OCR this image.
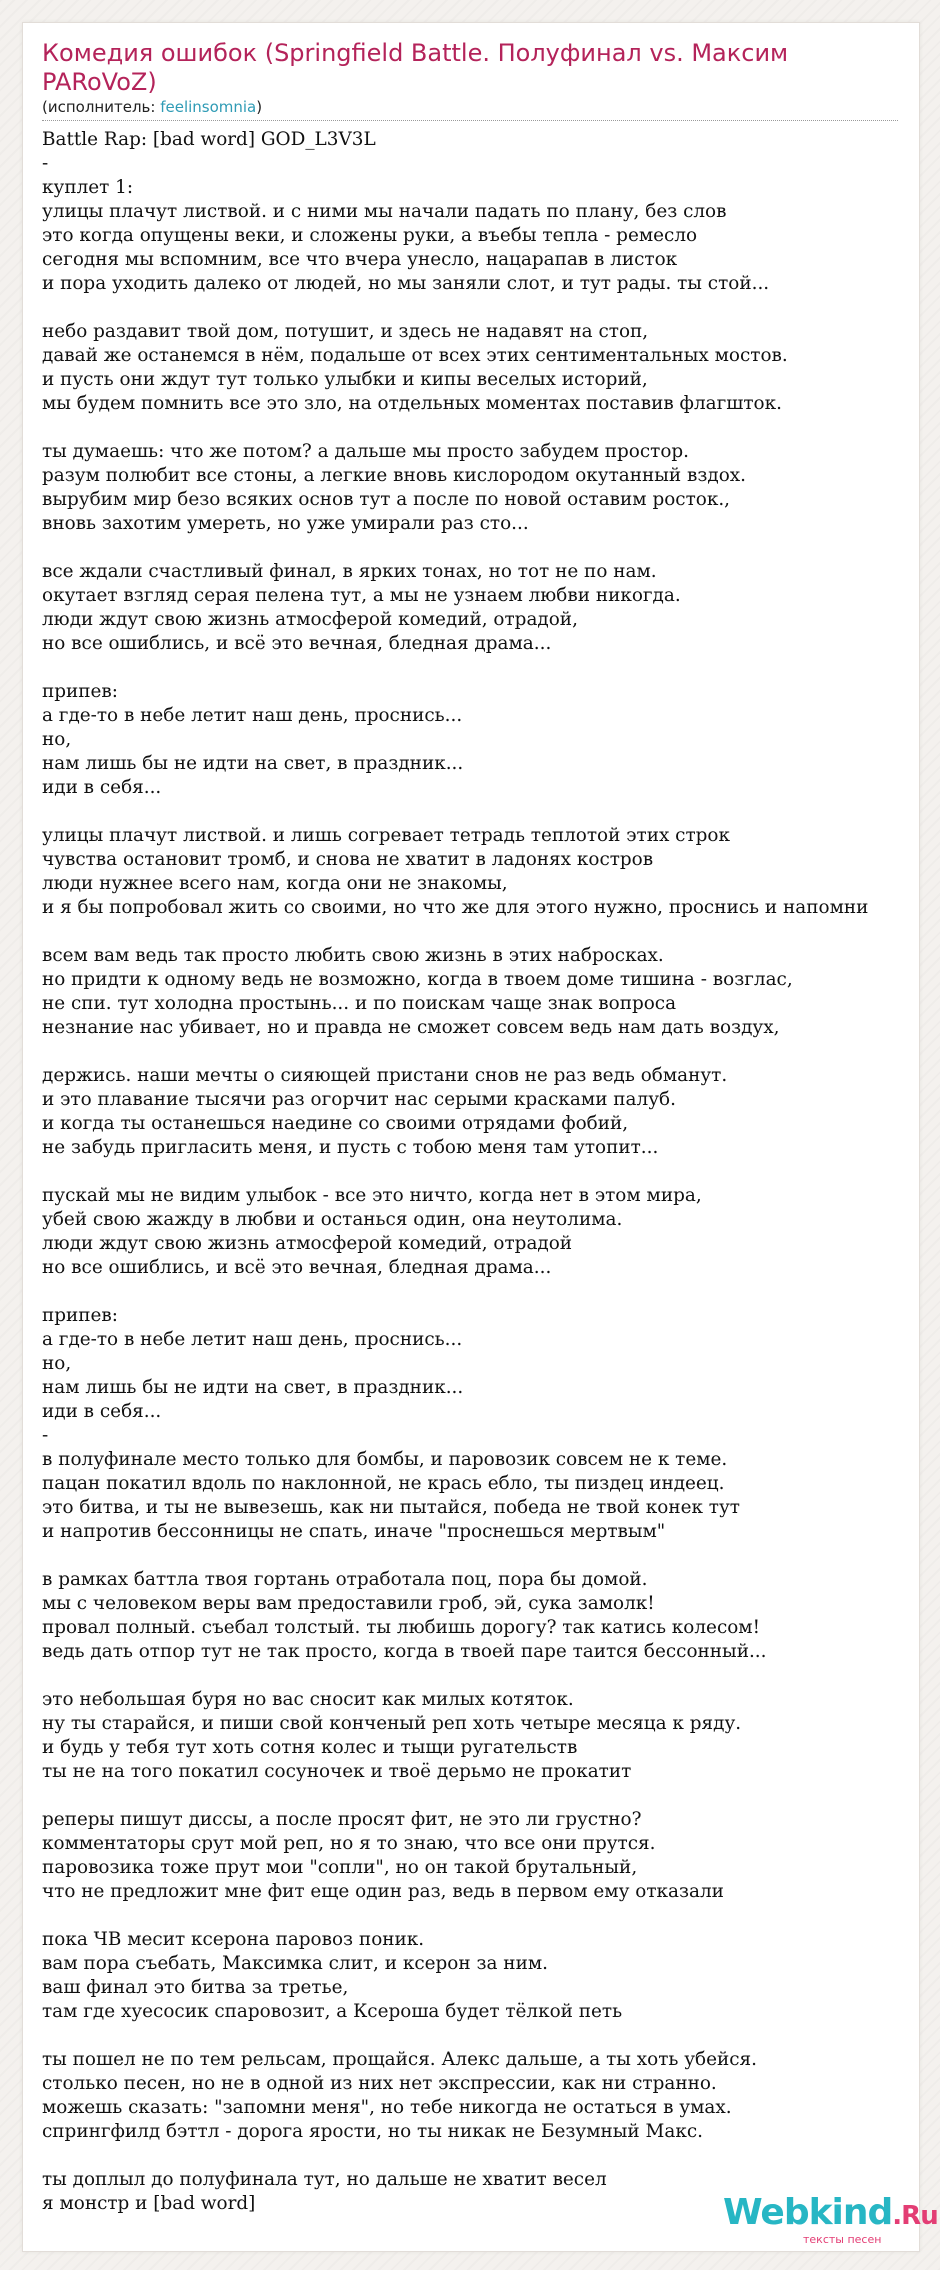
Комедия ошибок (Springfield Battle. Полуфинал vs. Максим PARoVoZ)
(исполнитель: feelinsomnia)
Battle Rap: [bad word] GOD_L3V3L
-
куплет 1:
улицы плачут листвой. и с ними мы начали падать по плану, без слов
это когда опущены веки, и сложены руки, а въебы тепла - ремесло
сегодня мы вспомним, все что вчера унесло, нацарапав в листок
и пора уходить далеко от людей, но мы заняли слот, и тут рады. ты стой...

небо раздавит твой дом, потушит, и здесь не надавят на стоп,
давай же останемся в нём, подальше от всех этих сентиментальных мостов.
и пусть они ждут тут только улыбки и кипы веселых историй,
мы будем помнить все это зло, на отдельных моментах поставив флагшток.

ты думаешь: что же потом? а дальше мы просто забудем простор.
разум полюбит все стоны, а легкие вновь кислородом окутанный вздох.
вырубим мир безо всяких основ тут а после по новой оставим росток.,
вновь захотим умереть, но уже умирали раз сто...

все ждали счастливый финал, в ярких тонах, но тот не по нам.
окутает взгляд серая пелена тут, а мы не узнаем любви никогда.
люди ждут свою жизнь атмосферой комедий, отрадой,
но все ошиблись, и всё это вечная, бледная драма...

припев:
а где-то в небе летит наш день, проснись...
но,
нам лишь бы не идти на свет, в праздник...
иди в себя...

улицы плачут листвой. и лишь согревает тетрадь теплотой этих строк
чувства остановит тромб, и снова не хватит в ладонях костров
люди нужнее всего нам, когда они не знакомы,
и я бы попробовал жить со своими, но что же для этого нужно, проснись и напомни

всем вам ведь так просто любить свою жизнь в этих набросках.
но придти к одному ведь не возможно, когда в твоем доме тишина - возглас,
не спи. тут холодна простынь... и по поискам чаще знак вопроса
незнание нас убивает, но и правда не сможет совсем ведь нам дать воздух,

держись. наши мечты о сияющей пристани снов не раз ведь обманут.
и это плавание тысячи раз огорчит нас серыми красками палуб.
и когда ты останешься наедине со своими отрядами фобий,
не забудь пригласить меня, и пусть с тобою меня там утопит...

пускай мы не видим улыбок - все это ничто, когда нет в этом мира,
убей свою жажду в любви и останься один, она неутолима.
люди ждут свою жизнь атмосферой комедий, отрадой
но все ошиблись, и всё это вечная, бледная драма...

припев:
а где-то в небе летит наш день, проснись...
но,
нам лишь бы не идти на свет, в праздник...
иди в себя...
-
в полуфинале место только для бомбы, и паровозик совсем не к теме.
пацан покатил вдоль по наклонной, не крась ебло, ты пиздец индеец.
это битва, и ты не вывезешь, как ни пытайся, победа не твой конек тут
и напротив бессонницы не спать, иначе "проснешься мертвым"

в рамках баттла твоя гортань отработала поц, пора бы домой.
мы с человеком веры вам предоставили гроб, эй, сука замолк!
провал полный. съебал толстый. ты любишь дорогу? так катись колесом!
ведь дать отпор тут не так просто, когда в твоей паре таится бессонный...

это небольшая буря но вас сносит как милых котяток.
ну ты старайся, и пиши свой конченый реп хоть четыре месяца к ряду.
и будь у тебя тут хоть сотня колес и тыщи ругательств
ты не на того покатил сосуночек и твоё дерьмо не прокатит

реперы пишут диссы, а после просят фит, не это ли грустно?
комментаторы срут мой реп, но я то знаю, что все они прутся.
паровозика тоже прут мои "сопли", но он такой брутальный,
что не предложит мне фит еще один раз, ведь в первом ему отказали

пока ЧВ месит ксерона паровоз поник.
вам пора съебать, Максимка слит, и ксерон за ним.
ваш финал это битва за третье,
там где хуесосик спаровозит, а Ксероша будет тёлкой петь

ты пошел не по тем рельсам, прощайся. Алекс дальше, а ты хоть убейся.
столько песен, но не в одной из них нет экспрессии, как ни странно.
можешь сказать: "запомни меня", но тебе никогда не остаться в умах.
спрингфилд бэттл - дорога ярости, но ты никак не Безумный Макс.

ты доплыл до полуфинала тут, но дальше не хватит весел
я монстр и [bad word]	Webkind.Ru
тексты песен
